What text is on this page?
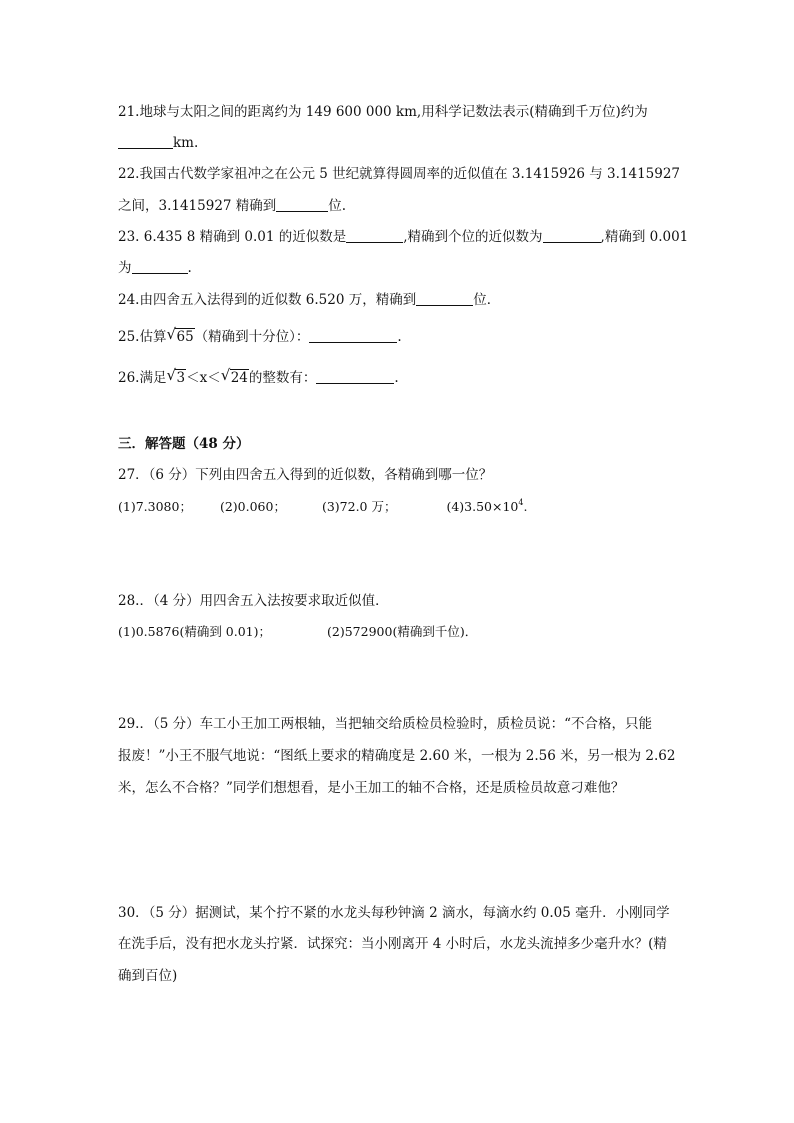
21.地球与太阳之间的距离约为 149 600 000 km,用科学记数法表示(精确到千万位)约为
km.
22.我国古代数学家祖冲之在公元 5 世纪就算得圆周率的近似值在 3.1415926 与 3.1415927
之间，3.1415927 精确到	位.
23. 6.435 8 精确到 0.01 的近似数是	,精确到个位的近似数为	,精确到 0.001
为	.
24.由四舍五入法得到的近似数 6.520 万，精确到	位．
25.估算 √ 65（精确到十分位）：	.
26.满足 √ 3＜x＜ √ 24的整数有：	.
三．解答题（48 分）
27．（6 分）下列由四舍五入得到的近似数，各精确到哪一位？
(1)7.3080； (2)0.060；	(3)72.0 万；	$(4)3.50\times 10^4$.
28.．（4 分）用四舍五入法按要求取近似值．
(1)0.5876(精确到 0.01)；	(2)572900(精确到千位)．
29.．（5 分）车工小王加工两根轴，当把轴交给质检员检验时，质检员说：“不合格，只能
报废！”小王不服气地说：“图纸上要求的精确度是 2.60 米，一根为 2.56 米，另一根为 2.62
米，怎么不合格？”同学们想想看，是小王加工的轴不合格，还是质检员故意刁难他？
30．（5 分）据测试，某个拧不紧的水龙头每秒钟滴 2 滴水，每滴水约 0.05 毫升．小刚同学
在洗手后，没有把水龙头拧紧．试探究：当小刚离开 4 小时后，水龙头流掉多少毫升水？(精
确到百位)
